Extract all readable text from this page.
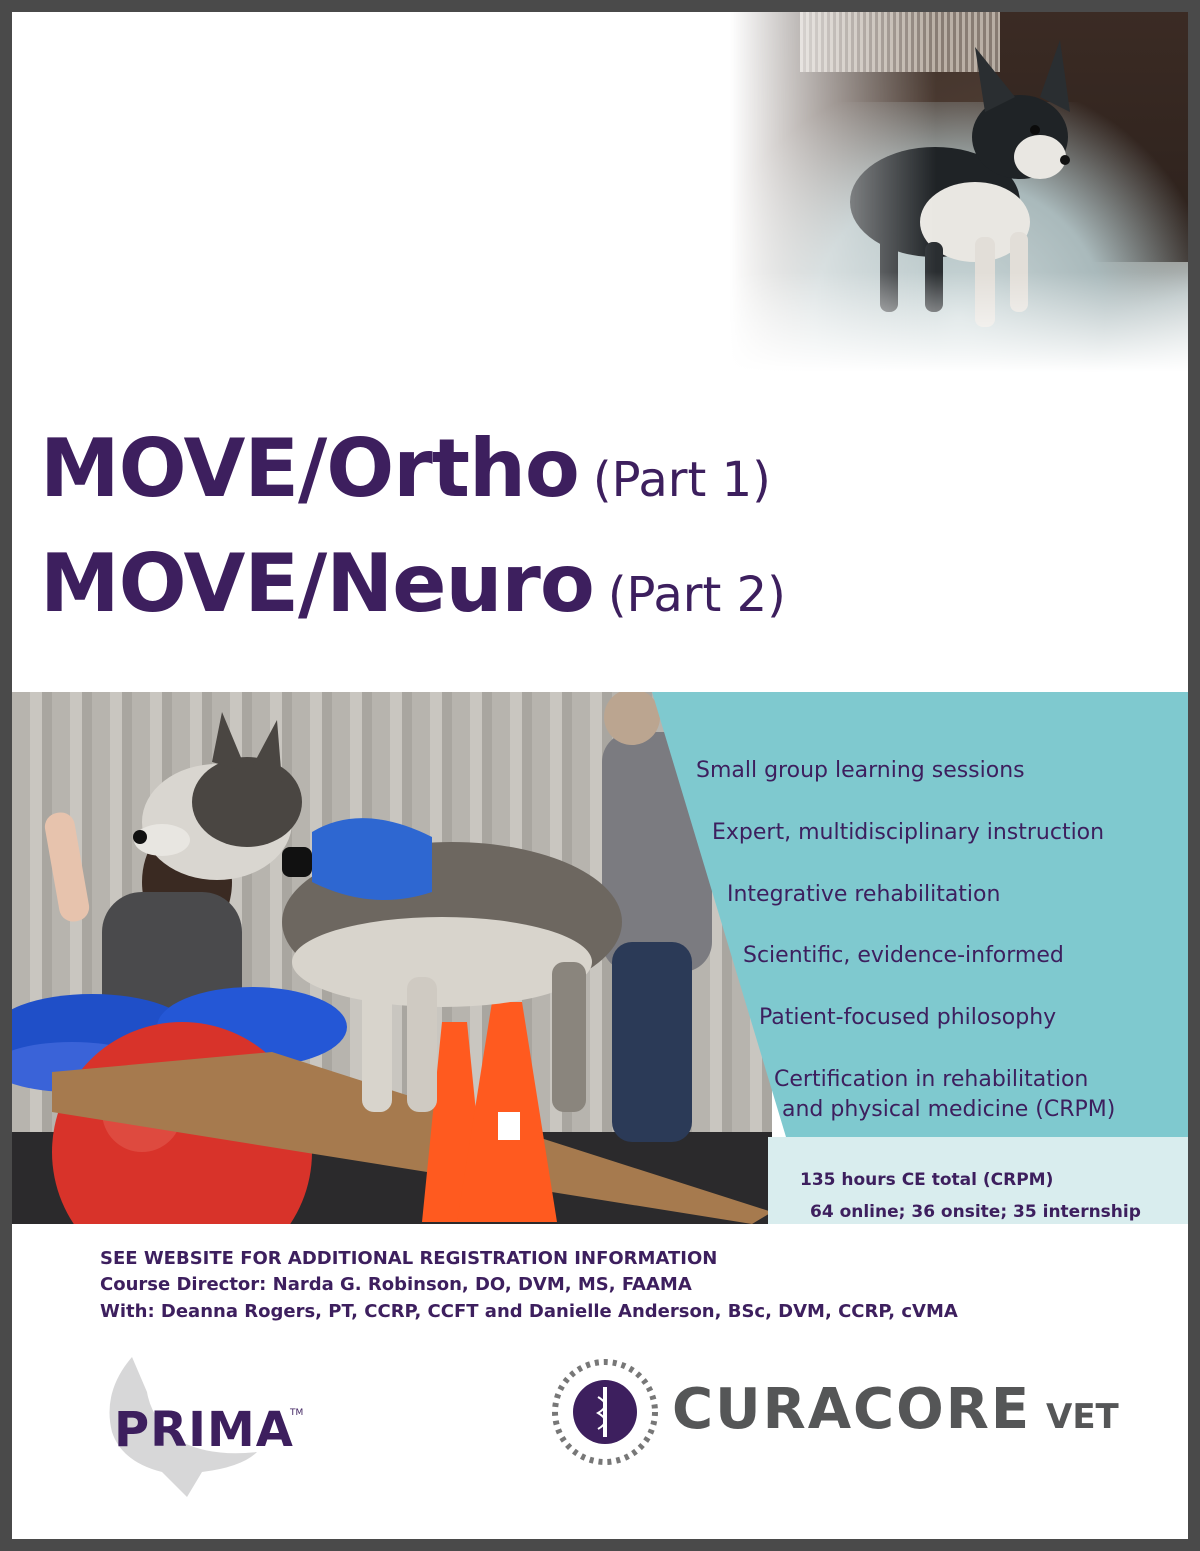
MOVE/Ortho (Part 1)
MOVE/Neuro (Part 2)
Small group learning sessions
Expert, multidisciplinary instruction
Integrative rehabilitation
Scientific, evidence-informed
Patient-focused philosophy
Certification in rehabilitation
and physical medicine (CRPM)
135 hours CE total (CRPM)
64 online; 36 onsite; 35 internship
SEE WEBSITE FOR ADDITIONAL REGISTRATION INFORMATION
Course Director: Narda G. Robinson, DO, DVM, MS, FAAMA
With: Deanna Rogers, PT, CCRP, CCFT and Danielle Anderson, BSc, DVM, CCRP, cVMA
PRIMA
TM	CURACORE VET
